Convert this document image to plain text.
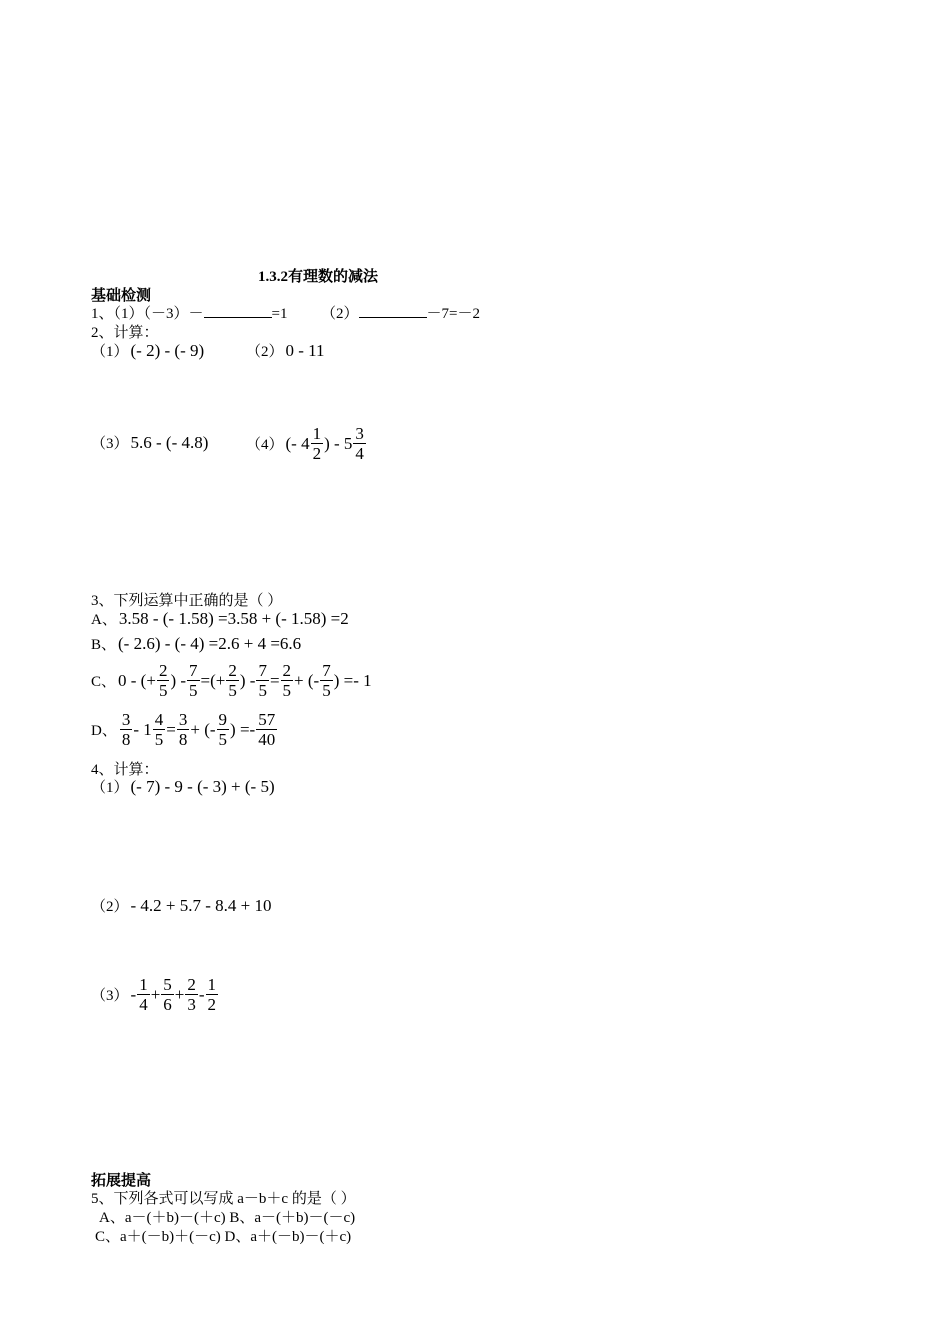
1.3.2有理数的减法
基础检测
1、（1）（－3）－	=1 （2）	－7=－2
2、计算：
（1） (- 2) - (- 9)	（2） 0 - 11
（3） 5.6 - (- 4.8)	（4） (- $4 \frac{1}{2}$ ) - $5 \frac{3}{4}$
3、下列运算中正确的是（ ）
A、 3.58 - (- 1.58) =3.58 + (- 1.58) =2
B、 (- 2.6) - (- 4) =2.6 + 4 =6.6
C、 0 - (+ $\frac{2}{5}$ ) - $\frac{7}{5}$ =(+ $\frac{2}{5}$ ) - $\frac{7}{5} = \frac{2}{5}$ + (- $\frac{7}{5}$ ) =- 1
D、 $\frac{3}{8} - 1 \frac{4}{5} = \frac{3}{8}$ + (- $\frac{9}{5}$ ) =- $\frac{57}{40}$
4、计算：
（1） (- 7) - 9 - (- 3) + (- 5)
（2） - 4.2 + 5.7 - 8.4 + 10
$(3) - \frac{1}{4} + \frac{5}{6} + \frac{2}{3} - \frac{1}{2}$
拓展提高
5、下列各式可以写成 a－b＋c 的是（ ）
A、a－(＋b)－(＋c) B、a－(＋b)－(－c)
C、a＋(－b)＋(－c) D、a＋(－b)－(＋c)
